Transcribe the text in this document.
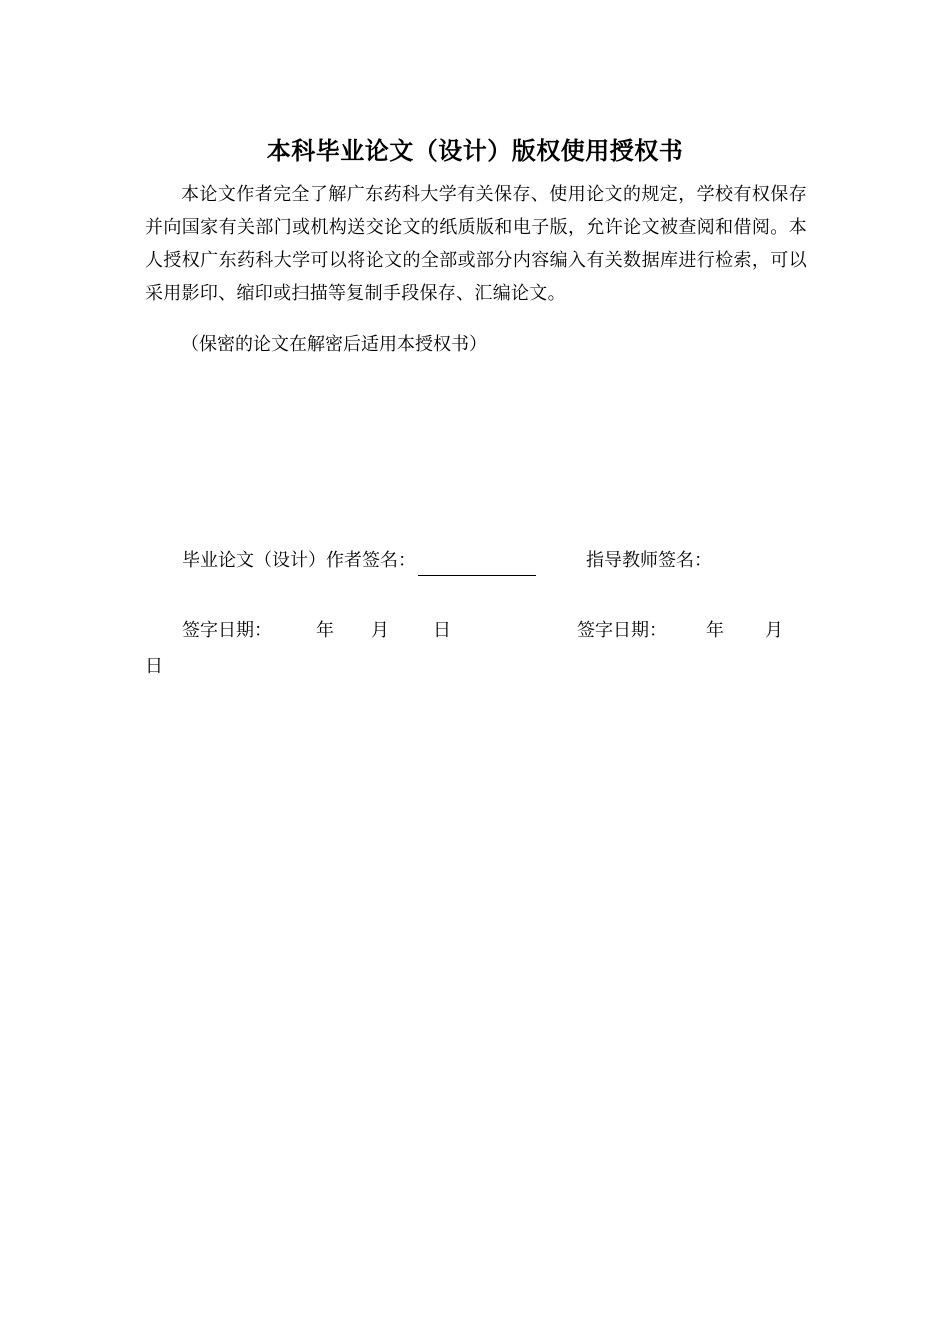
本科毕业论文（设计）版权使用授权书
本论文作者完全了解广东药科大学有关保存、使用论文的规定，学校有权保存并向国家有关部门或机构送交论文的纸质版和电子版，允许论文被查阅和借阅。本人授权广东药科大学可以将论文的全部或部分内容编入有关数据库进行检索，可以采用影印、缩印或扫描等复制手段保存、汇编论文。
（保密的论文在解密后适用本授权书）
毕业论文（设计）作者签名：	指导教师签名：
签字日期： 年 月 日	签字日期： 年 月
日
